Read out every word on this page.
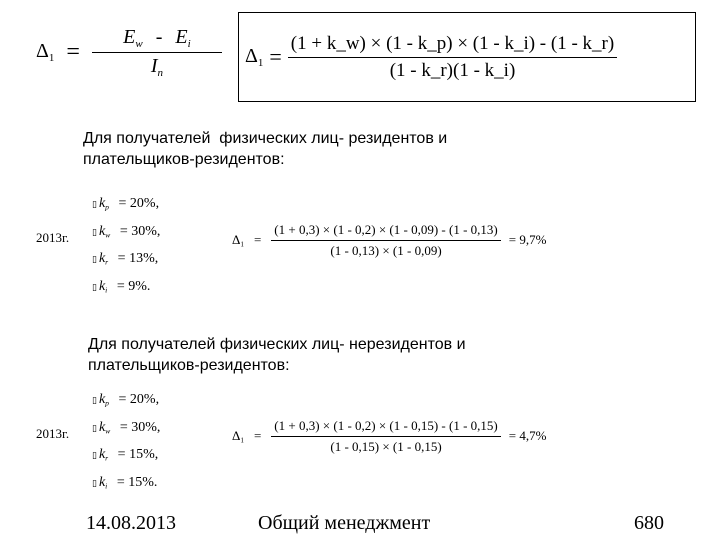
$\Delta_1 = \frac{E_w - E_i}{I_n} \Delta_1 = \frac{(1 + k\_w) \times (1 - k\_p) \times (1 - k\_i) - (1 - k\_r)}{(1 - k\_r)(1 - k\_i)}$
Для получателей  физических лиц- резидентов и
плательщиков-резидентов:
2013г.
▯ $k_p = 20\%$,
▯ $k_w = 30\%$,
▯ $k_r = 13\%$,
▯ $k_i = 9\%$.
$\Delta_1 = \frac{(1 + 0,3) \times (1 - 0,2) \times (1 - 0,09) - (1 - 0,13)}{(1 - 0,13) \times (1 - 0,09)} = 9,7\%$
Для получателей физических лиц- нерезидентов и
плательщиков-резидентов:
2013г.
▯ $k_p = 20\%$,
▯ $k_w = 30\%$,
▯ $k_r = 15\%$,
▯ $k_i = 15\%$.
$\Delta_1 = \frac{(1 + 0,3) \times (1 - 0,2) \times (1 - 0,15) - (1 - 0,15)}{(1 - 0,15) \times (1 - 0,15)} = 4,7\%$
14.08.2013	Общий менеджмент	680
